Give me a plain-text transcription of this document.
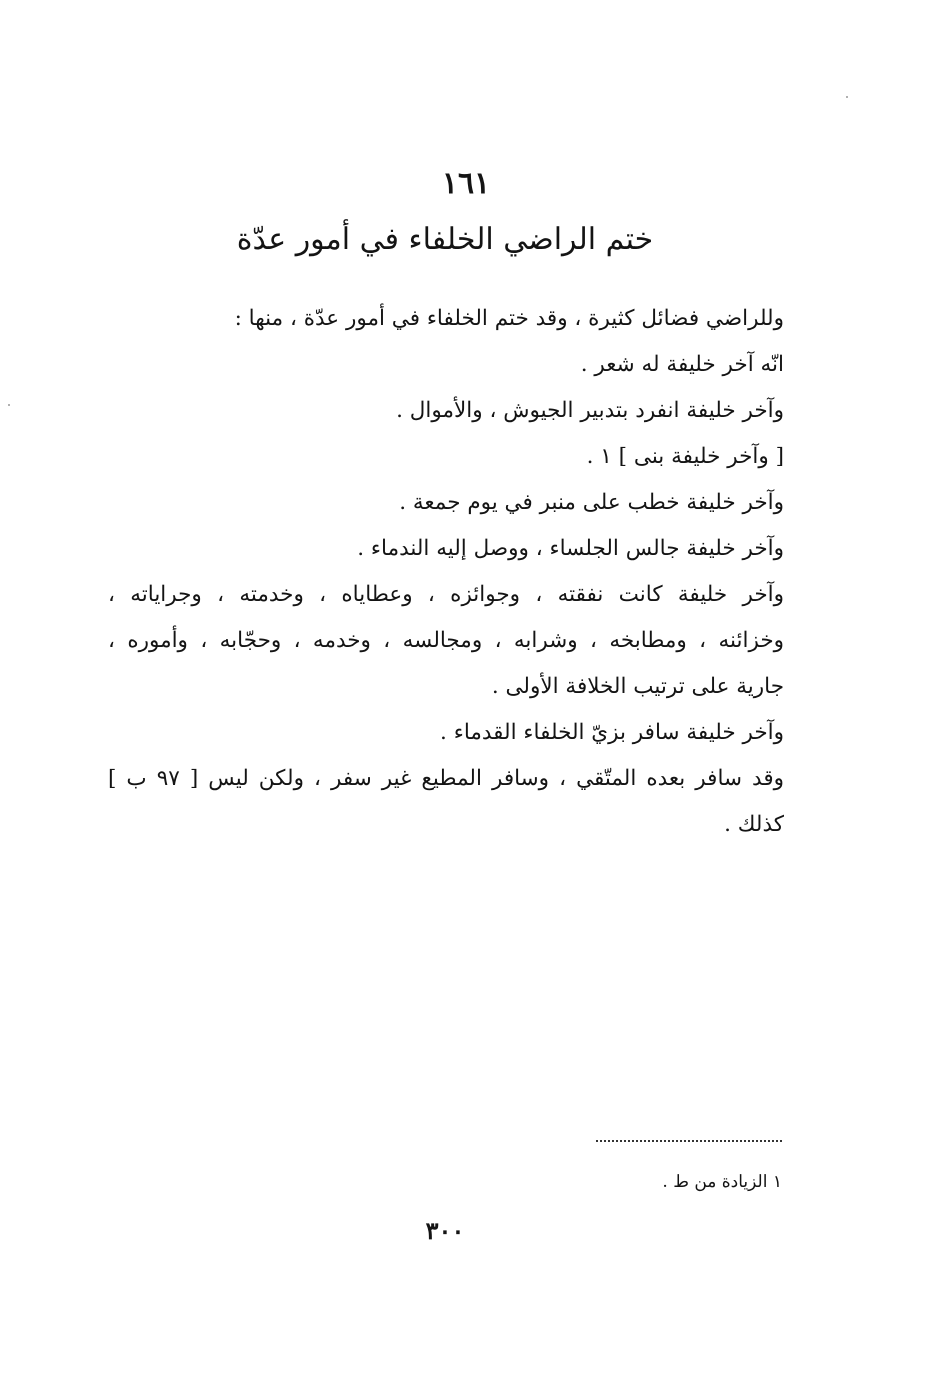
١٦١
ختم الراضي الخلفاء في أمور عدّة
وللراضي فضائل كثيرة ، وقد ختم الخلفاء في أمور عدّة ، منها :
انّه آخر خليفة له شعر .
وآخر خليفة انفرد بتدبير الجيوش ، والأموال .
[ وآخر خليفة بنى ] ١ .
وآخر خليفة خطب على منبر في يوم جمعة .
وآخر خليفة جالس الجلساء ، ووصل إليه الندماء .
وآخر خليفة كانت نفقته ، وجوائزه ، وعطاياه ، وخدمته ، وجراياته ،
وخزائنه ، ومطابخه ، وشرابه ، ومجالسه ، وخدمه ، وحجّابه ، وأموره ،
جارية على ترتيب الخلافة الأولى .
وآخر خليفة سافر بزيّ الخلفاء القدماء .
وقد سافر بعده المتّقي ، وسافر المطيع غير سفر ، ولكن ليس [ ٩٧ ب ]
كذلك .
١ الزيادة من ط .
٣٠٠
